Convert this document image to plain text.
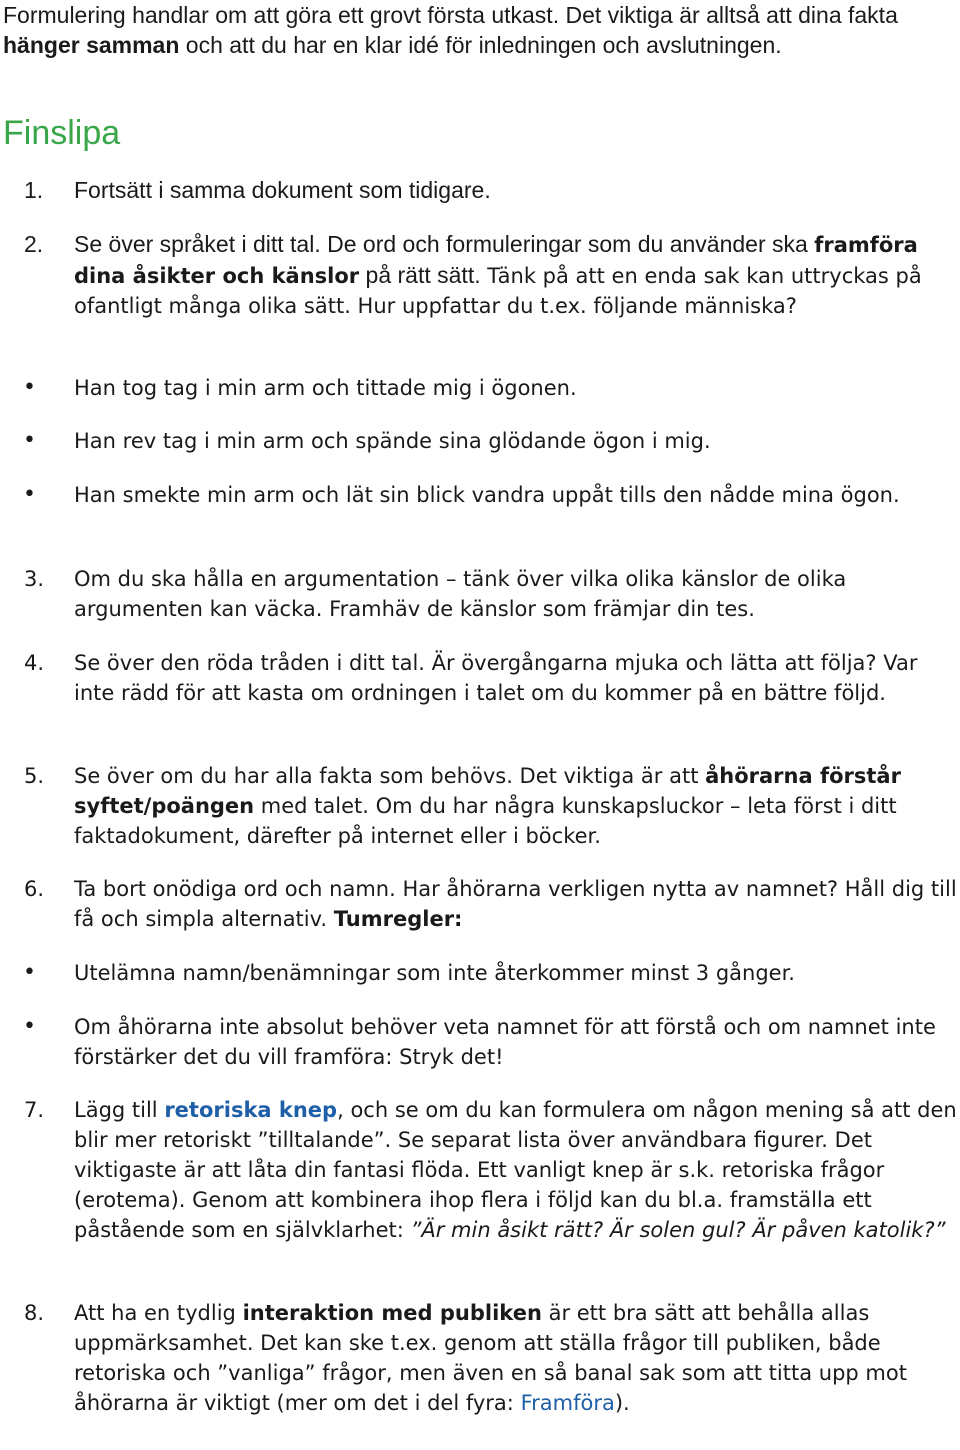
Formulering handlar om att göra ett grovt första utkast. Det viktiga är alltså att dina fakta hänger samman och att du har en klar idé för inledningen och avslutningen.

Finslipa
1. Fortsätt i samma dokument som tidigare.

2. Se över språket i ditt tal. De ord och formuleringar som du använder ska framföra dina åsikter och känslor på rätt sätt. Tänk på att en enda sak kan uttryckas på ofantligt många olika sätt. Hur uppfattar du t.ex. följande människa?

• Han tog tag i min arm och tittade mig i ögonen.

• Han rev tag i min arm och spände sina glödande ögon i mig.

• Han smekte min arm och lät sin blick vandra uppåt tills den nådde mina ögon.

3. Om du ska hålla en argumentation – tänk över vilka olika känslor de olika argumenten kan väcka. Framhäv de känslor som främjar din tes.

4. Se över den röda tråden i ditt tal. Är övergångarna mjuka och lätta att följa? Var inte rädd för att kasta om ordningen i talet om du kommer på en bättre följd.

5. Se över om du har alla fakta som behövs. Det viktiga är att åhörarna förstår syftet/poängen med talet. Om du har några kunskapsluckor – leta först i ditt faktadokument, därefter på internet eller i böcker.

6. Ta bort onödiga ord och namn. Har åhörarna verkligen nytta av namnet? Håll dig till få och simpla alternativ. Tumregler:

• Utelämna namn/benämningar som inte återkommer minst 3 gånger.

• Om åhörarna inte absolut behöver veta namnet för att förstå och om namnet inte förstärker det du vill framföra: Stryk det!

7. Lägg till retoriska knep, och se om du kan formulera om någon mening så att den blir mer retoriskt ”tilltalande”. Se separat lista över användbara figurer. Det viktigaste är att låta din fantasi flöda. Ett vanligt knep är s.k. retoriska frågor (erotema). Genom att kombinera ihop flera i följd kan du bl.a. framställa ett påstående som en självklarhet: ”Är min åsikt rätt? Är solen gul? Är påven katolik?”

8. Att ha en tydlig interaktion med publiken är ett bra sätt att behålla allas uppmärksamhet. Det kan ske t.ex. genom att ställa frågor till publiken, både retoriska och ”vanliga” frågor, men även en så banal sak som att titta upp mot åhörarna är viktigt (mer om det i del fyra: Framföra).
